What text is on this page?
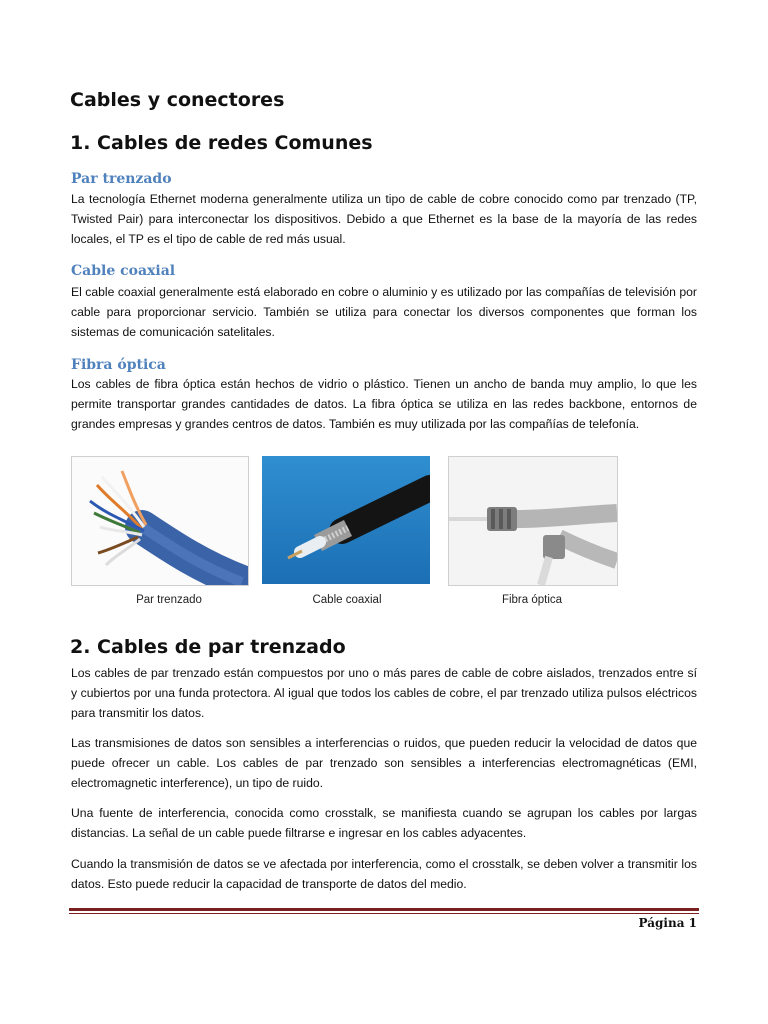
Cables y conectores
1. Cables de redes Comunes
Par trenzado
La tecnología Ethernet moderna generalmente utiliza un tipo de cable de cobre conocido como par trenzado (TP, Twisted Pair) para interconectar los dispositivos. Debido a que Ethernet es la base de la mayoría de las redes locales, el TP es el tipo de cable de red más usual.
Cable coaxial
El cable coaxial generalmente está elaborado en cobre o aluminio y es utilizado por las compañías de televisión por cable para proporcionar servicio. También se utiliza para conectar los diversos componentes que forman los sistemas de comunicación satelitales.
Fibra óptica
Los cables de fibra óptica están hechos de vidrio o plástico. Tienen un ancho de banda muy amplio, lo que les permite transportar grandes cantidades de datos. La fibra óptica se utiliza en las redes backbone, entornos de grandes empresas y grandes centros de datos. También es muy utilizada por las compañías de telefonía.
Par trenzado	Cable coaxial	Fibra óptica
2. Cables de par trenzado
Los cables de par trenzado están compuestos por uno o más pares de cable de cobre aislados, trenzados entre sí y cubiertos por una funda protectora. Al igual que todos los cables de cobre, el par trenzado utiliza pulsos eléctricos para transmitir los datos.
Las transmisiones de datos son sensibles a interferencias o ruidos, que pueden reducir la velocidad de datos que puede ofrecer un cable. Los cables de par trenzado son sensibles a interferencias electromagnéticas (EMI, electromagnetic interference), un tipo de ruido.
Una fuente de interferencia, conocida como crosstalk, se manifiesta cuando se agrupan los cables por largas distancias. La señal de un cable puede filtrarse e ingresar en los cables adyacentes.
Cuando la transmisión de datos se ve afectada por interferencia, como el crosstalk, se deben volver a transmitir los datos. Esto puede reducir la capacidad de transporte de datos del medio.
Página 1
